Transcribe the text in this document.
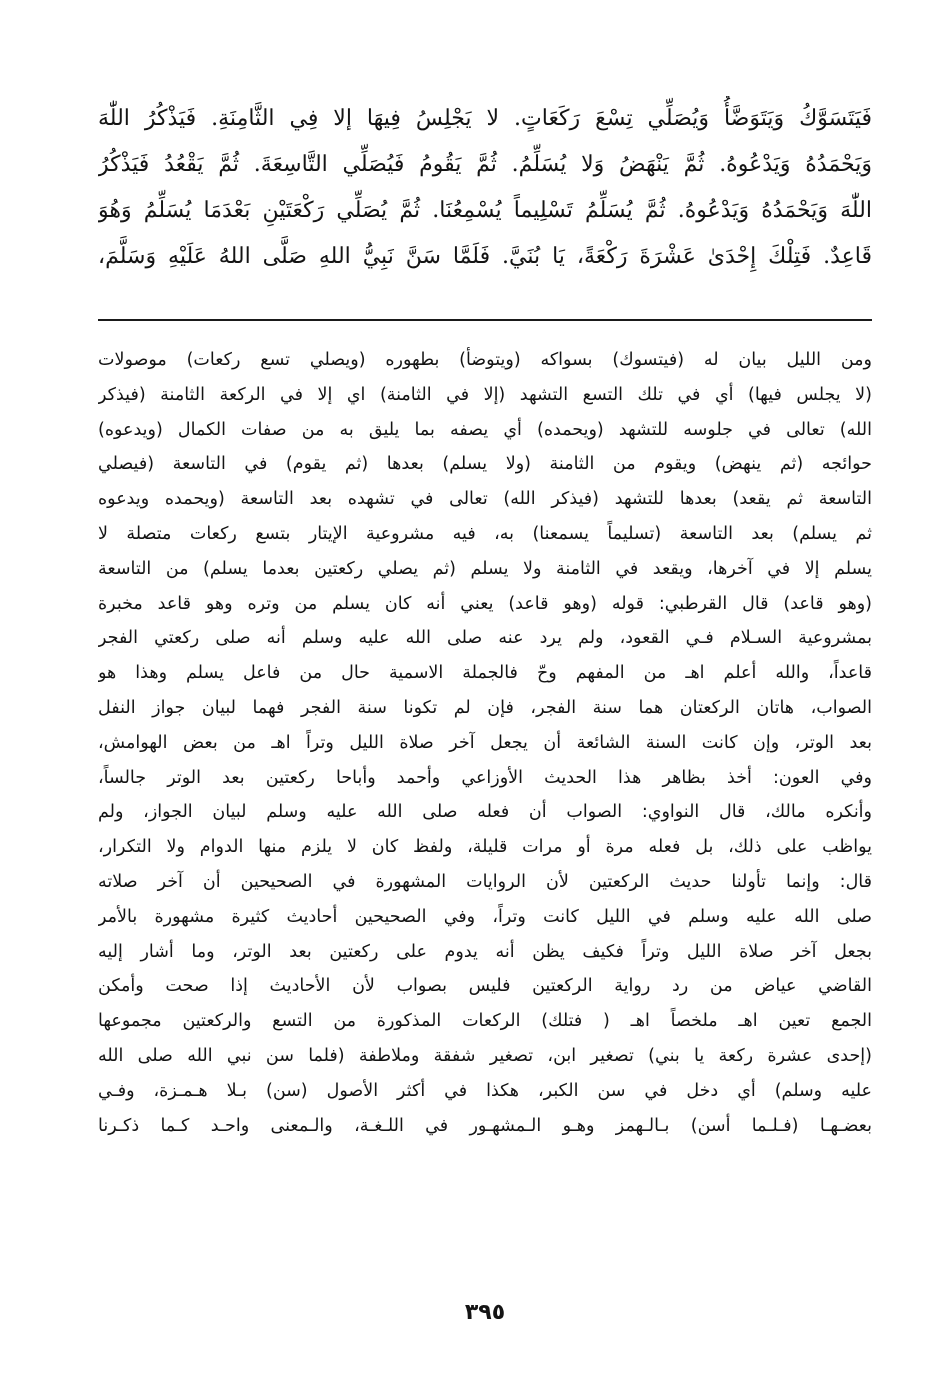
فَيَتَسَوَّكُ وَيَتَوَضَّأُ وَيُصَلِّي تِسْعَ رَكَعَاتٍ. لا يَجْلِسُ فِيهَا إلا فِي الثَّامِنَةِ. فَيَذْكُرُ اللّٰهَ
وَيَحْمَدُهُ وَيَدْعُوهُ. ثُمَّ يَنْهَضُ وَلا يُسَلِّمُ. ثُمَّ يَقُومُ فَيُصَلِّي التَّاسِعَةَ. ثُمَّ يَقْعُدُ فَيَذْكُرُ
اللّٰهَ وَيَحْمَدُهُ وَيَدْعُوهُ. ثُمَّ يُسَلِّمُ تَسْلِيماً يُسْمِعُنَا. ثُمَّ يُصَلِّي رَكْعَتَيْنِ بَعْدَمَا يُسَلِّمُ وَهُوَ
قَاعِدٌ. فَتِلْكَ إِحْدَىٰ عَشْرَةَ رَكْعَةً، يَا بُنَيَّ. فَلَمَّا سَنَّ نَبِيُّ اللهِ صَلَّى اللهُ عَلَيْهِ وَسَلَّمَ،
ومن الليل بيان له (فيتسوك) بسواكه (ويتوضأ) بطهوره (ويصلي تسع ركعات) موصولات
(لا يجلس فيها) أي في تلك التسع التشهد (إلا في الثامنة) اي إلا في الركعة الثامنة (فيذكر
الله) تعالى في جلوسه للتشهد (ويحمده) أي يصفه بما يليق به من صفات الكمال (ويدعوه)
حوائجه (ثم ينهض) ويقوم من الثامنة (ولا يسلم) بعدها (ثم يقوم) في التاسعة (فيصلي
التاسعة ثم يقعد) بعدها للتشهد (فيذكر الله) تعالى في تشهده بعد التاسعة (ويحمده ويدعوه
ثم يسلم) بعد التاسعة (تسليماً يسمعنا) به، فيه مشروعية الإيتار بتسع ركعات متصلة لا
يسلم إلا في آخرها، ويقعد في الثامنة ولا يسلم (ثم يصلي ركعتين بعدما يسلم) من التاسعة
(وهو قاعد) قال القرطبي: قوله (وهو قاعد) يعني أنه كان يسلم من وتره وهو قاعد مخبرة
بمشروعية السـلام فـي القعود، ولم يرد عنه صلى الله عليه وسلم أنه صلى ركعتي الفجر
قاعداً، والله أعلم اهـ من المفهم وحّ فالجملة الاسمية حال من فاعل يسلم وهذا هو
الصواب، هاتان الركعتان هما سنة الفجر، فإن لم تكونا سنة الفجر فهما لبيان جواز النفل
بعد الوتر، وإن كانت السنة الشائعة أن يجعل آخر صلاة الليل وتراً اهـ من بعض الهوامش،
وفي العون: أخذ بظاهر هذا الحديث الأوزاعي وأحمد وأباحا ركعتين بعد الوتر جالساً،
وأنكره مالك، قال النواوي: الصواب أن فعله صلى الله عليه وسلم لبيان الجواز، ولم
يواظب على ذلك، بل فعله مرة أو مرات قليلة، ولفظ كان لا يلزم منها الدوام ولا التكرار،
قال: وإنما تأولنا حديث الركعتين لأن الروايات المشهورة في الصحيحين أن آخر صلاته
صلى الله عليه وسلم في الليل كانت وتراً، وفي الصحيحين أحاديث كثيرة مشهورة بالأمر
بجعل آخر صلاة الليل وتراً فكيف يظن أنه يدوم على ركعتين بعد الوتر، وما أشار إليه
القاضي عياض من رد رواية الركعتين فليس بصواب لأن الأحاديث إذا صحت وأمكن
الجمع تعين اهـ ملخصاً اهـ ( فتلك) الركعات المذكورة من التسع والركعتين مجموعها
(إحدى عشرة ركعة يا بني) تصغير ابن، تصغير شفقة وملاطفة (فلما سن نبي الله صلى الله
عليه وسلم) أي دخل في سن الكبر، هكذا في أكثر الأصول (سن) بـلا هـمـزة، وفـي
بعضـهـا (فـلـما أسن) بـالـهمز وهـو الـمشهـور في اللـغـة، والـمعنى واحـد كـما ذكـرنا
٣٩٥
